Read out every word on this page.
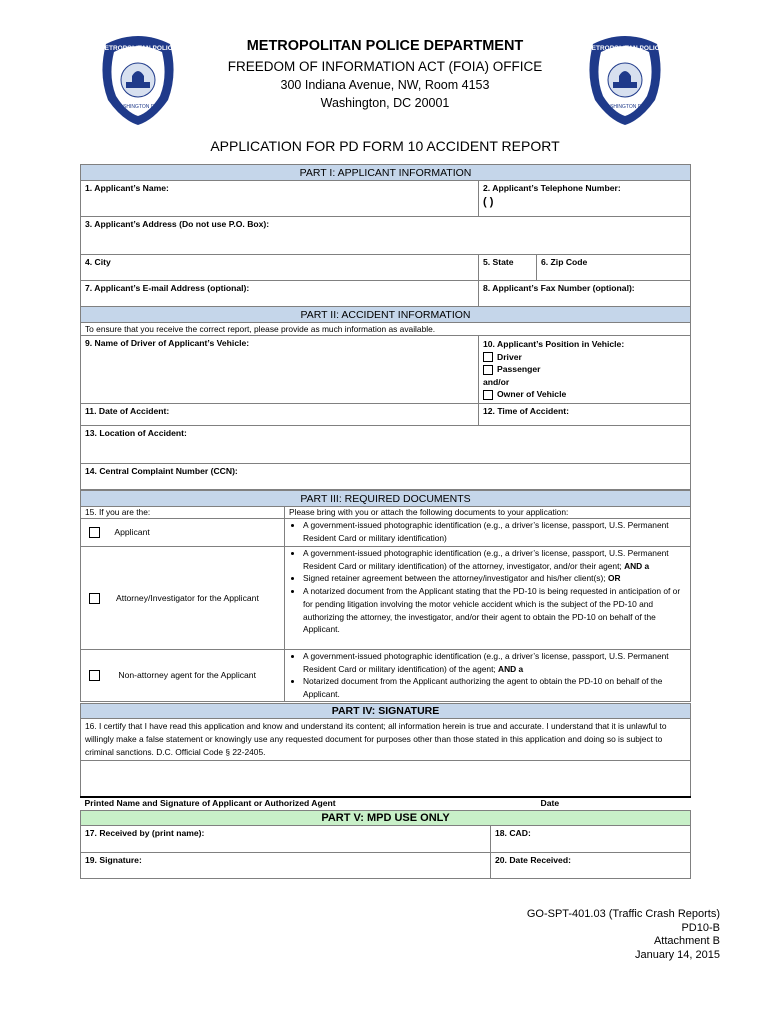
METROPOLITAN POLICE
WASHINGTON D.C.
METROPOLITAN POLICE
WASHINGTON D.C.
METROPOLITAN POLICE DEPARTMENT
FREEDOM OF INFORMATION ACT (FOIA) OFFICE
300 Indiana Avenue, NW, Room 4153
Washington, DC 20001
APPLICATION FOR PD FORM 10 ACCIDENT REPORT
PART I: APPLICANT INFORMATION		
1. Applicant’s Name:	2. Applicant’s Telephone Number:
( )	

3. Applicant’s Address (Do not use P.O. Box):		
4. City	5. State	6. Zip Code
7. Applicant’s E-mail Address (optional):	8. Applicant’s Fax Number (optional):	
PART II: ACCIDENT INFORMATION		
To ensure that you receive the correct report, please provide as much information as available.		
9. Name of Driver of Applicant’s Vehicle:	10. Applicant’s Position in Vehicle:
Driver
Passenger
and/or
Owner of Vehicle	

11. Date of Accident:	12. Time of Accident:	
13. Location of Accident:		
14. Central Complaint Number (CCN):		
PART III: REQUIRED DOCUMENTS
15. If you are the:	Please bring with you or attach the following documents to your application:
Applicant	
• A government-issued photographic identification (e.g., a driver’s license, passport, U.S. Permanent Resident Card or military identification)

	Attorney/Investigator for the Applicant

• A government-issued photographic identification (e.g., a driver’s license, passport, U.S. Permanent Resident Card or military identification) of the attorney, investigator, and/or their agent; AND a
• Signed retainer agreement between the attorney/investigator and his/her client(s); OR
• A notarized document from the Applicant stating that the PD-10 is being requested in anticipation of or for pending litigation involving the motor vehicle accident which is the subject of the PD-10 and authorizing the attorney, the investigator, and/or their agent to obtain the PD-10 on behalf of the Applicant.

Non-attorney agent for the Applicant	
• A government-issued photographic identification (e.g., a driver’s license, passport, U.S. Permanent Resident Card or military identification) of the agent; AND a
• Notarized document from the Applicant authorizing the agent to obtain the PD-10 on behalf of the Applicant.
PART IV: SIGNATURE
16. I certify that I have read this application and know and understand its content; all information herein is true and accurate. I understand that it is unlawful to willingly make a false statement or knowingly use any requested document for purposes other than those stated in this application and doing so is subject to criminal sanctions. D.C. Official Code § 22-2405.

Printed Name and Signature of Applicant or Authorized Agent	Date
PART V: MPD USE ONLY	
17. Received by (print name):	18. CAD:
19. Signature:	20. Date Received:
GO-SPT-401.03 (Traffic Crash Reports)
PD10-B
Attachment B
January 14, 2015
